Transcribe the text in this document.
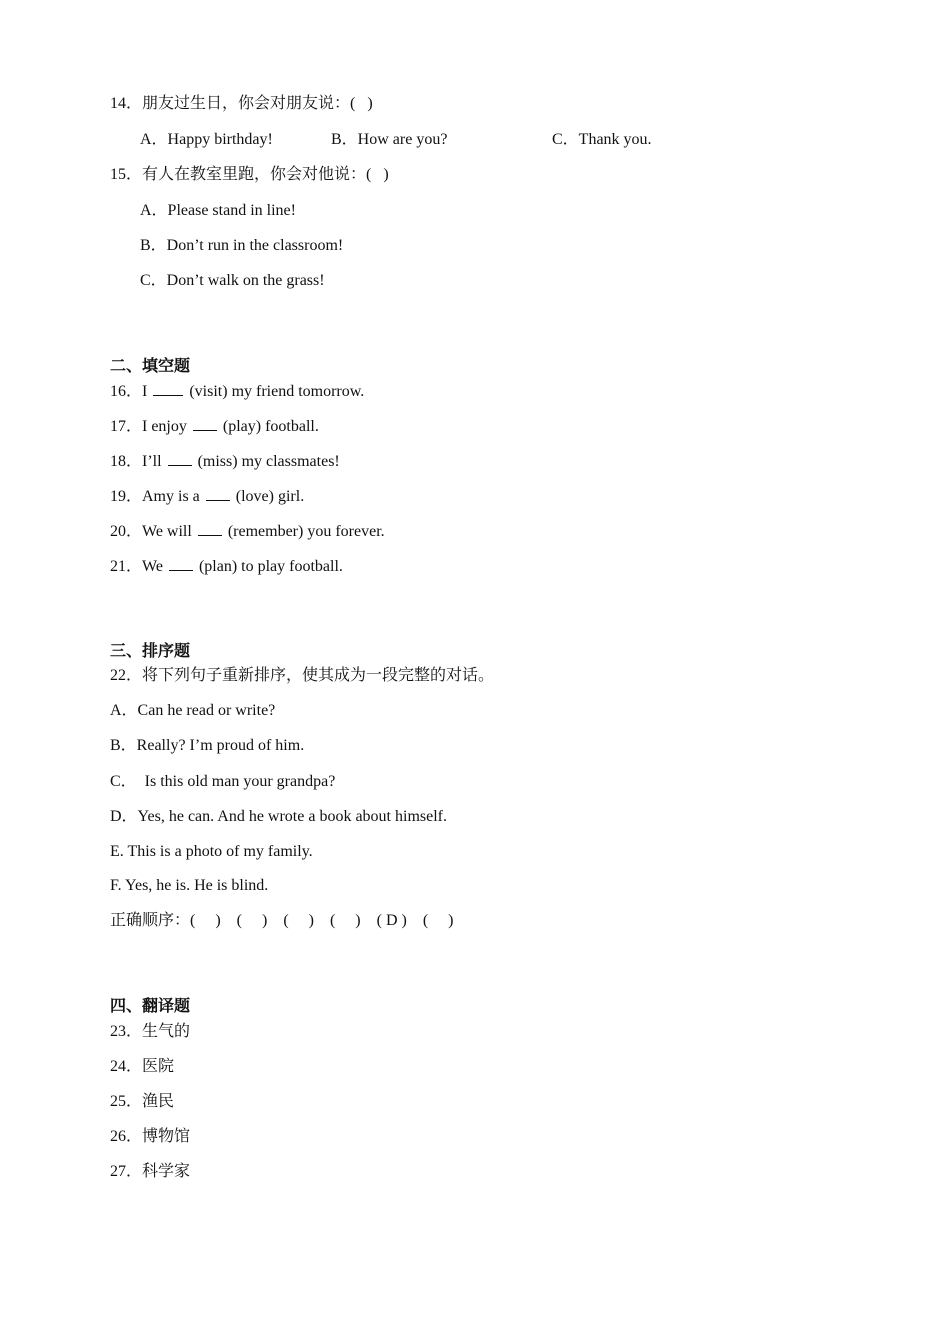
14．朋友过生日，你会对朋友说：(   )
A．Happy birthday!	B．How are you?	C．Thank you.
15．有人在教室里跑，你会对他说：(   )
A．Please stand in line!
B．Don’t run in the classroom!
C．Don’t walk on the grass!
二、填空题
16．I	(visit) my friend tomorrow.
17．I enjoy (play) football.
18．I’ll (miss) my classmates!
19．Amy is a (love) girl.
20．We will (remember) you forever.
21．We (plan) to play football.
三、排序题
22．将下列句子重新排序，使其成为一段完整的对话。
A．Can he read or write?
B．Really? I’m proud of him.
C．  Is this old man your grandpa?
D．Yes, he can. And he wrote a book about himself.
E. This is a photo of my family.
F. Yes, he is. He is blind.
正确顺序：(     )    (     )    (     )    (     )    ( D )    (     )
四、翻译题
23．生气的
24．医院
25．渔民
26．博物馆
27．科学家
